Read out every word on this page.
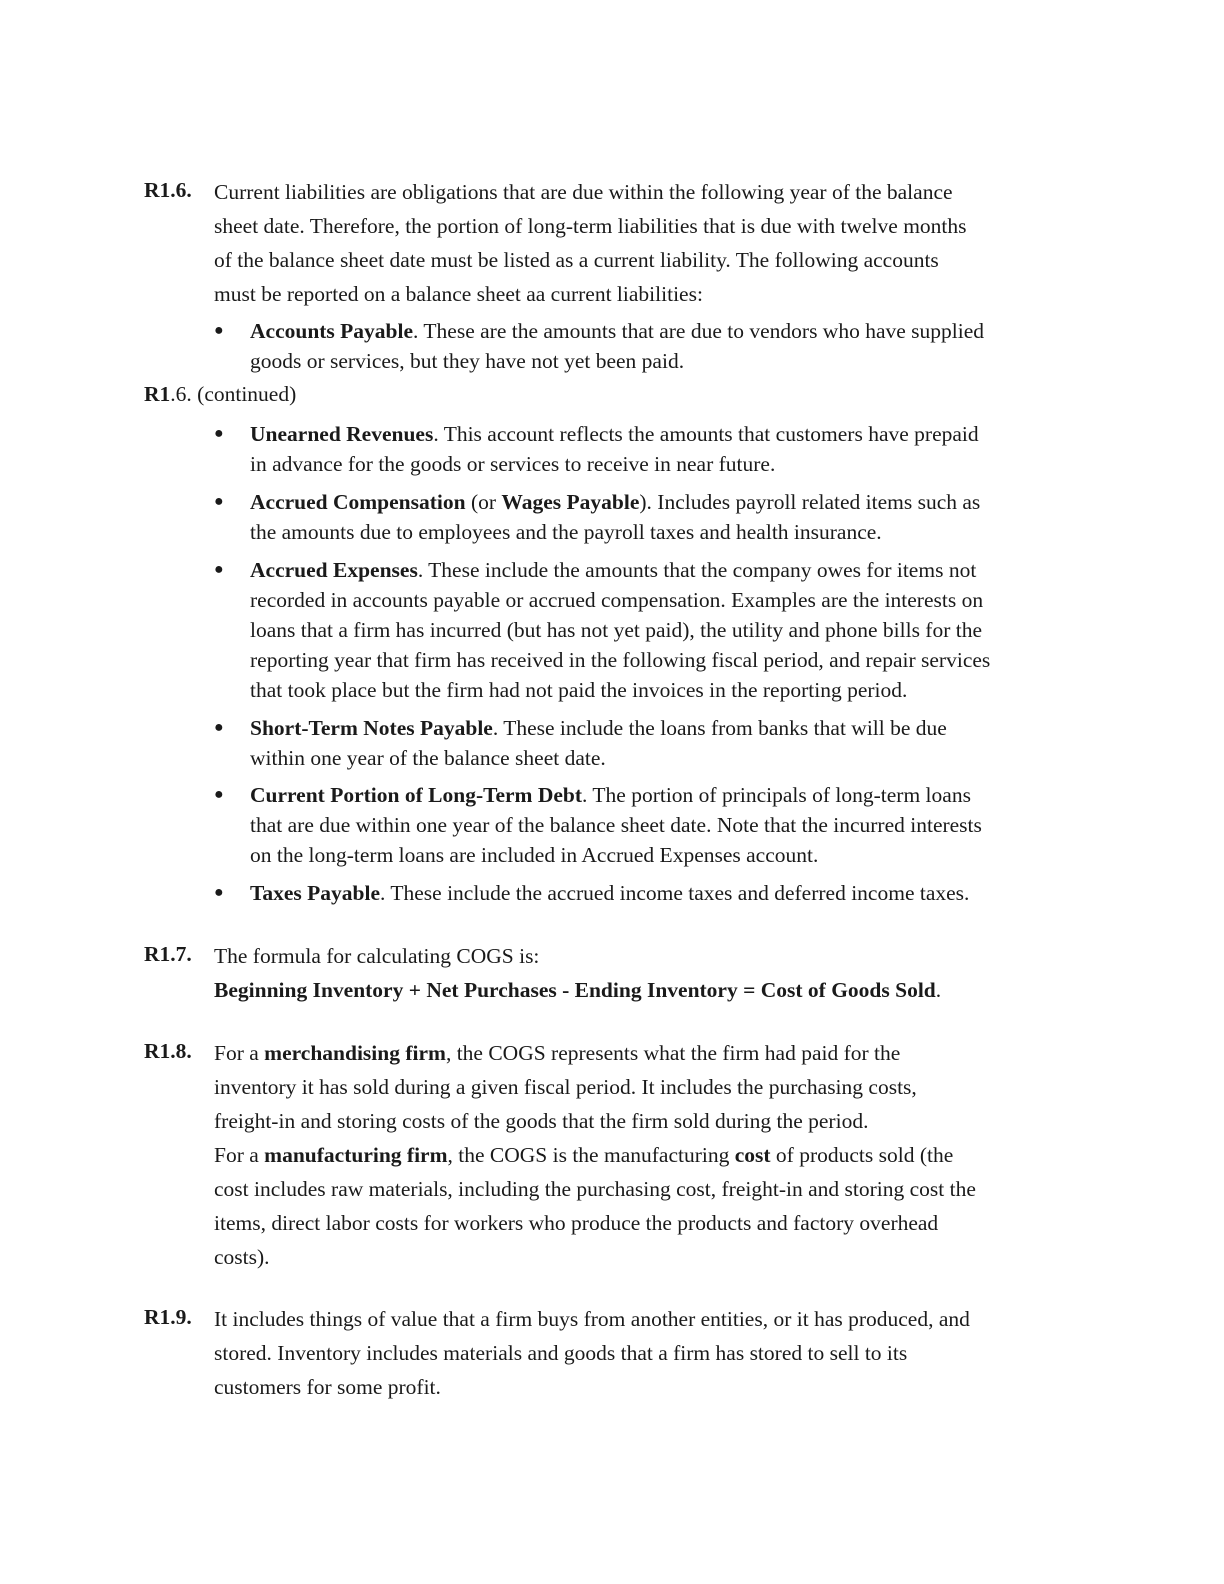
R1.6. Current liabilities are obligations that are due within the following year of the balance
sheet date. Therefore, the portion of long-term liabilities that is due with twelve months
of the balance sheet date must be listed as a current liability. The following accounts
must be reported on a balance sheet aa current liabilities:
● Accounts Payable. These are the amounts that are due to vendors who have supplied
goods or services, but they have not yet been paid.
R1.6. (continued)
● Unearned Revenues. This account reflects the amounts that customers have prepaid
in advance for the goods or services to receive in near future.
● Accrued Compensation (or Wages Payable). Includes payroll related items such as
the amounts due to employees and the payroll taxes and health insurance.
● Accrued Expenses. These include the amounts that the company owes for items not
recorded in accounts payable or accrued compensation. Examples are the interests on
loans that a firm has incurred (but has not yet paid), the utility and phone bills for the
reporting year that firm has received in the following fiscal period, and repair services
that took place but the firm had not paid the invoices in the reporting period.
● Short-Term Notes Payable. These include the loans from banks that will be due
within one year of the balance sheet date.
● Current Portion of Long-Term Debt. The portion of principals of long-term loans
that are due within one year of the balance sheet date. Note that the incurred interests
on the long-term loans are included in Accrued Expenses account.
● Taxes Payable. These include the accrued income taxes and deferred income taxes.
R1.7. The formula for calculating COGS is:
Beginning Inventory + Net Purchases - Ending Inventory = Cost of Goods Sold.
R1.8. For a merchandising firm, the COGS represents what the firm had paid for the
inventory it has sold during a given fiscal period. It includes the purchasing costs,
freight-in and storing costs of the goods that the firm sold during the period.
For a manufacturing firm, the COGS is the manufacturing cost of products sold (the
cost includes raw materials, including the purchasing cost, freight-in and storing cost the
items, direct labor costs for workers who produce the products and factory overhead
costs).
R1.9. It includes things of value that a firm buys from another entities, or it has produced, and
stored. Inventory includes materials and goods that a firm has stored to sell to its
customers for some profit.
